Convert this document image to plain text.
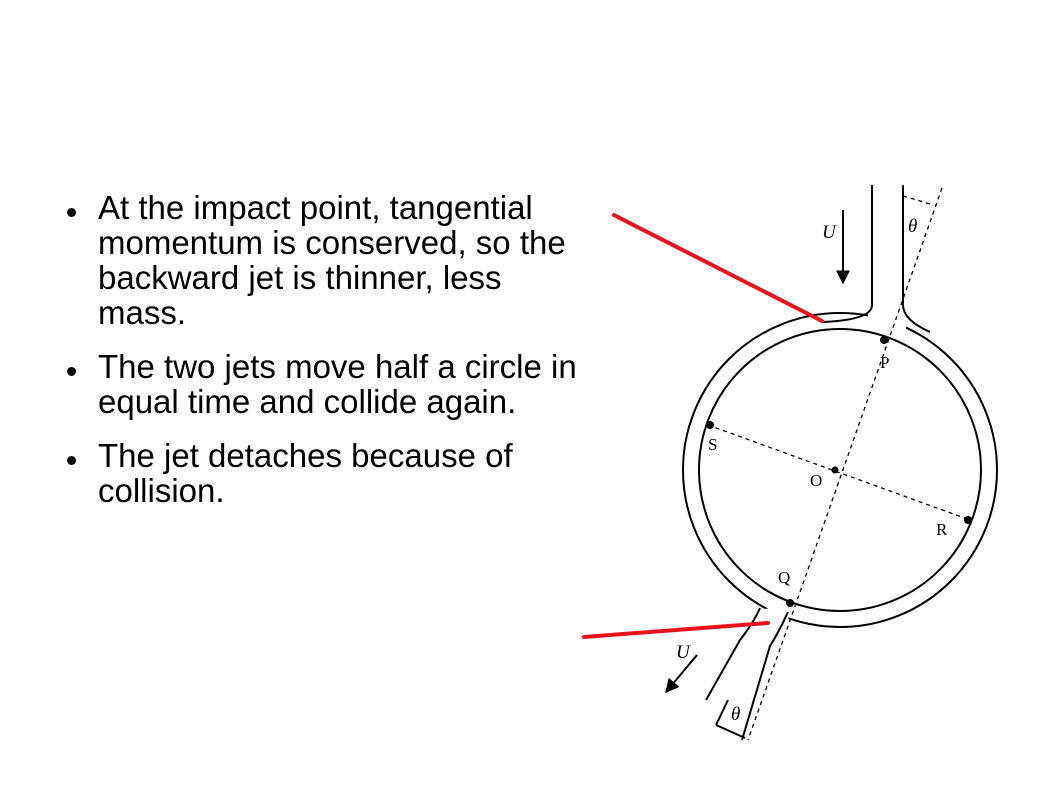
At the impact point, tangential momentum is conserved, so the backward jet is thinner, less mass.
The two jets move half a circle in equal time and collide again.
The jet detaches because of collision.
U	θ
P
S
O
R
Q
U
θ
